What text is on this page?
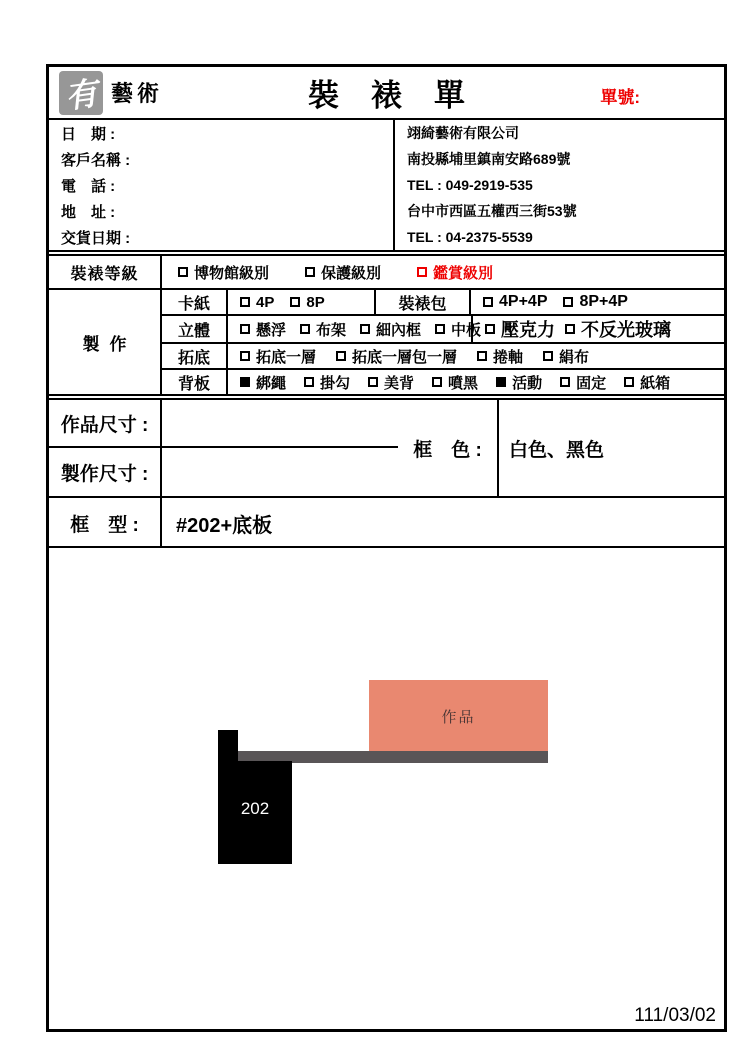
有 藝術	裝裱單	單號:
日　期 :
客戶名稱 :
電　話 :
地　址 :
交貨日期 :
翊綺藝術有限公司
南投縣埔里鎮南安路689號
TEL : 049-2919-535
台中市西區五權西三街53號
TEL : 04-2375-5539
裝裱等級	博物館級別	保護級別	鑑賞級別
製作
卡紙	4P 8P	裝裱包	4P+4P 8P+4P
立體	懸浮 布架 細內框 中板 壓克力 不反光玻璃
拓底	拓底一層 拓底一層包一層 捲軸 絹布
背板	綁繩 掛勾 美背 噴黑 活動 固定 紙箱
作品尺寸 :
框　色 :	白色、黑色
製作尺寸 :
框　型 :	#202+底板
作品
202
111/03/02
